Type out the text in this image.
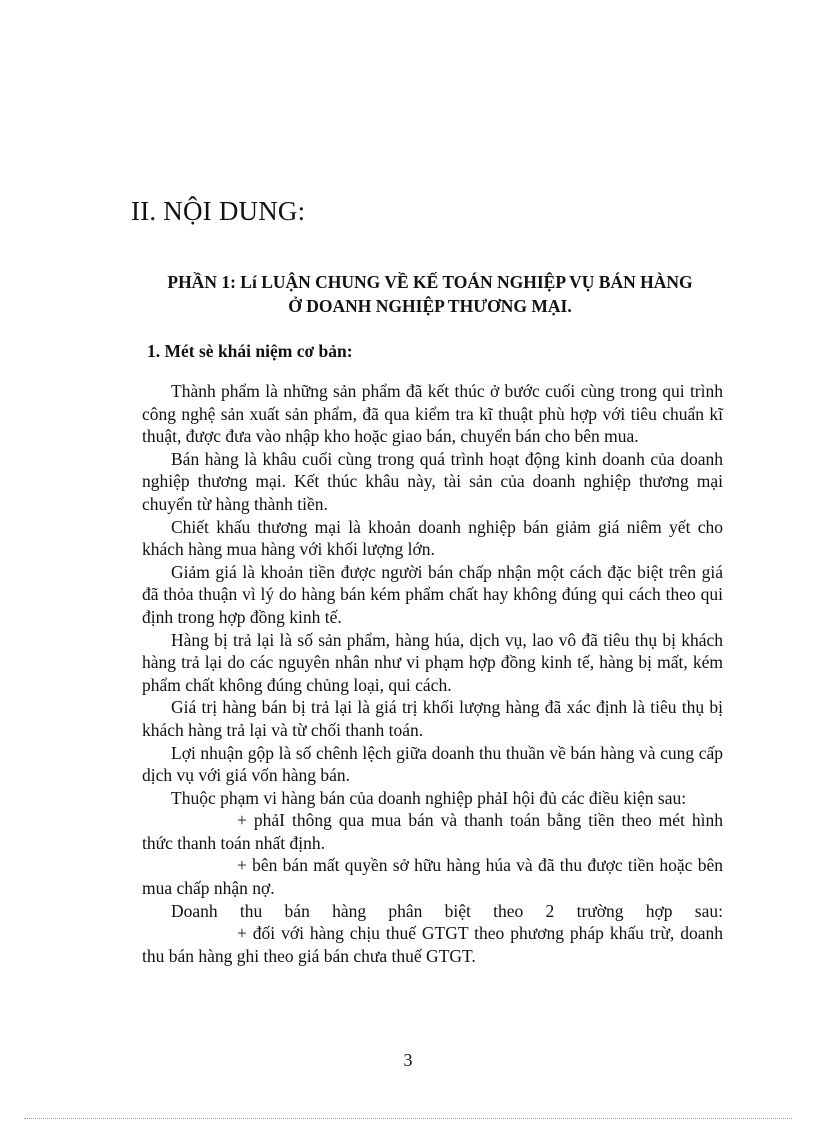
II. NỘI DUNG:
PHẦN 1: Lí LUẬN CHUNG VỀ KẾ TOÁN NGHIỆP VỤ BÁN HÀNG
Ở DOANH NGHIỆP THƯƠNG MẠI.
1. Mét sè khái niệm cơ bản:

Thành phẩm là những sản phẩm đã kết thúc ở bước cuối cùng trong qui trình công nghệ sản xuất sản phẩm, đã qua kiểm tra kĩ thuật phù hợp với tiêu chuẩn kĩ thuật, được đưa vào nhập kho hoặc giao bán, chuyển bán cho bên mua.

Bán hàng là khâu cuối cùng trong quá trình hoạt động kinh doanh của doanh nghiệp thương mại. Kết thúc khâu này, tài sản của doanh nghiệp thương mại chuyển từ hàng thành tiền.

Chiết khấu thương mại là khoản doanh nghiệp bán giảm giá niêm yết cho khách hàng mua hàng với khối lượng lớn.

Giảm giá là khoản tiền được người bán chấp nhận một cách đặc biệt trên giá đã thỏa thuận vì lý do hàng bán kém phẩm chất hay không đúng qui cách theo qui định trong hợp đồng kinh tế.

Hàng bị trả lại là số sản phẩm, hàng húa, dịch vụ, lao vô đã tiêu thụ bị khách hàng trả lại do các nguyên nhân như vi phạm hợp đồng kinh tế, hàng bị mất, kém phẩm chất không đúng chủng loại, qui cách.

Giá trị hàng bán bị trả lại là giá trị khối lượng hàng đã xác định là tiêu thụ bị khách hàng trả lại và từ chối thanh toán.

Lợi nhuận gộp là số chênh lệch giữa doanh thu thuần về bán hàng và cung cấp dịch vụ với giá vốn hàng bán.

Thuộc phạm vi hàng bán của doanh nghiệp phảI hội đủ các điều kiện sau:

+ phảI thông qua mua bán và thanh toán bằng tiền theo mét hình thức thanh toán nhất định.

+ bên bán mất quyền sở hữu hàng húa và đã thu được tiền hoặc bên mua chấp nhận nợ.

Doanh thu bán hàng phân biệt theo 2 trường hợp sau:

+ đối với hàng chịu thuế GTGT theo phương pháp khấu trừ, doanh thu bán hàng ghi theo giá bán chưa thuế GTGT.

3
